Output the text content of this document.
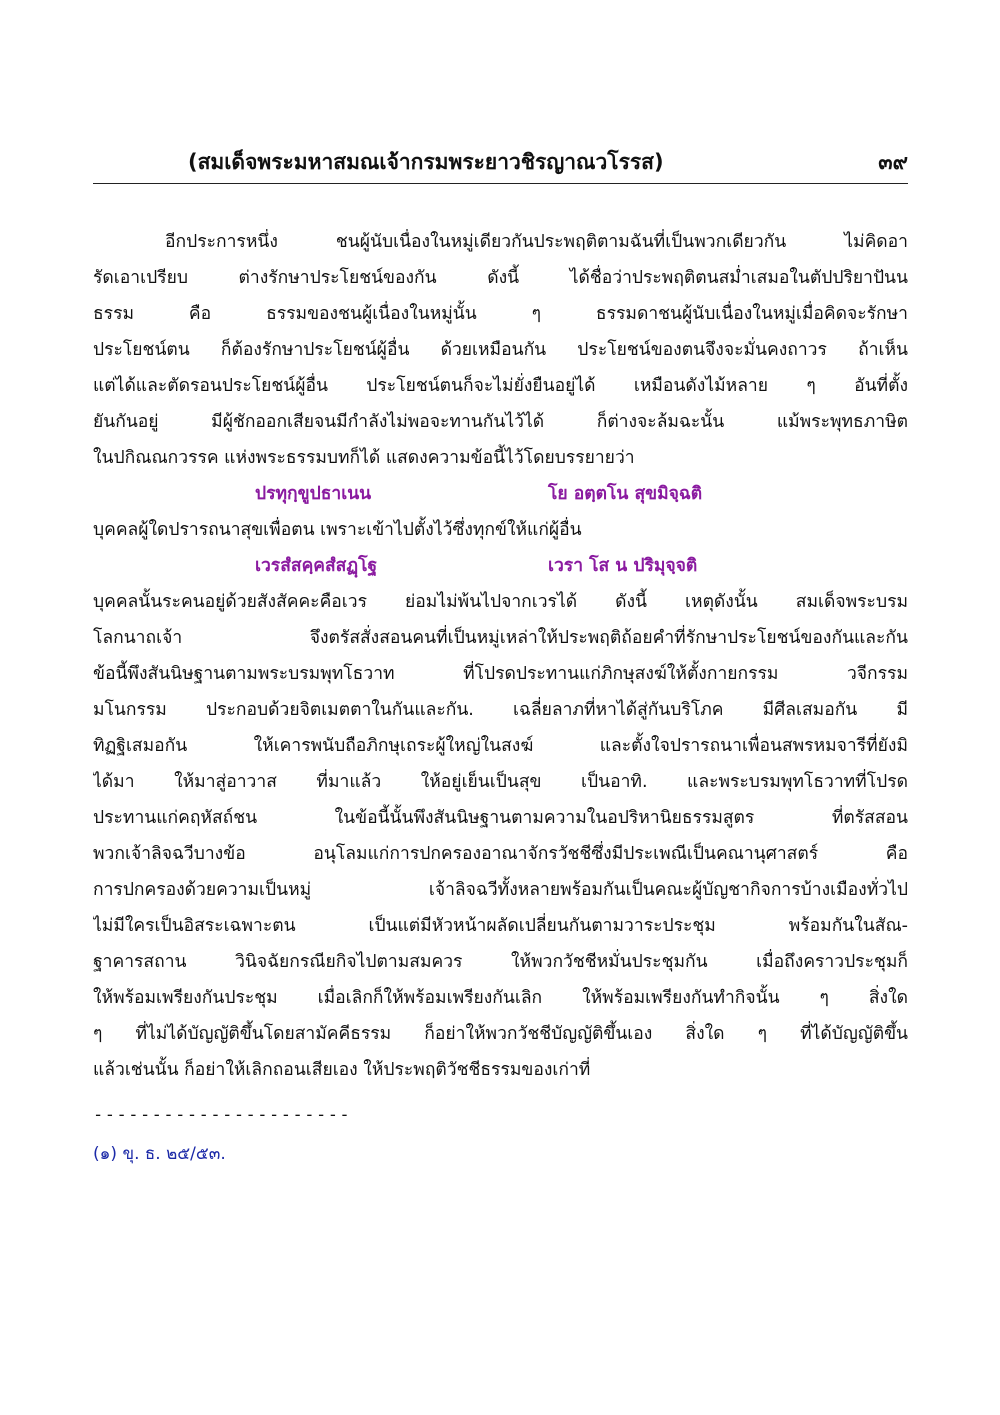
(สมเด็จพระมหาสมณเจ้ากรมพระยาวชิรญาณวโรรส)	๓๙
อีกประการหนึ่ง ชนผู้นับเนื่องในหมู่เดียวกันประพฤติตามฉันที่เป็นพวกเดียวกัน ไม่คิดอา
รัดเอาเปรียบ ต่างรักษาประโยชน์ของกัน ดังนี้ ได้ชื่อว่าประพฤติตนสม่ำเสมอในตัปปริยาปันน
ธรรม คือ ธรรมของชนผู้เนื่องในหมู่นั้น ๆ ธรรมดาชนผู้นับเนื่องในหมู่เมื่อคิดจะรักษา
ประโยชน์ตน ก็ต้องรักษาประโยชน์ผู้อื่น ด้วยเหมือนกัน ประโยชน์ของตนจึงจะมั่นคงถาวร ถ้าเห็น
แต่ได้และตัดรอนประโยชน์ผู้อื่น ประโยชน์ตนก็จะไม่ยั่งยืนอยู่ได้ เหมือนดังไม้หลาย ๆ อันที่ตั้ง
ยันกันอยู่ มีผู้ชักออกเสียจนมีกำลังไม่พอจะทานกันไว้ได้ ก็ต่างจะล้มฉะนั้น แม้พระพุทธภาษิต
ในปกิณณกวรรค แห่งพระธรรมบทก็ได้ แสดงความข้อนี้ไว้โดยบรรยายว่า
ปรทุกฺขูปธาเนน	โย อตฺตโน สุขมิจฺฉติ
บุคคลผู้ใดปรารถนาสุขเพื่อตน เพราะเข้าไปตั้งไว้ซึ่งทุกข์ให้แก่ผู้อื่น
เวรสํสคฺคสํสฏฺโฐ	เวรา โส น ปริมุจฺจติ
บุคคลนั้นระคนอยู่ด้วยสังสัคคะคือเวร ย่อมไม่พ้นไปจากเวรได้ ดังนี้ เหตุดังนั้น สมเด็จพระบรม
โลกนาถเจ้า จึงตรัสสั่งสอนคนที่เป็นหมู่เหล่าให้ประพฤติถ้อยคำที่รักษาประโยชน์ของกันและกัน
ข้อนี้พึงสันนิษฐานตามพระบรมพุทโธวาท ที่โปรดประทานแก่ภิกษุสงฆ์ให้ตั้งกายกรรม วจีกรรม
มโนกรรม ประกอบด้วยจิตเมตตาในกันและกัน. เฉลี่ยลาภที่หาได้สู่กันบริโภค มีศีลเสมอกัน มี
ทิฏฐิเสมอกัน ให้เคารพนับถือภิกษุเถระผู้ใหญ่ในสงฆ์ และตั้งใจปรารถนาเพื่อนสพรหมจารีที่ยังมิ
ได้มา ให้มาสู่อาวาส ที่มาแล้ว ให้อยู่เย็นเป็นสุข เป็นอาทิ. และพระบรมพุทโธวาทที่โปรด
ประทานแก่คฤหัสถ์ชน ในข้อนี้นั้นพึงสันนิษฐานตามความในอปริหานิยธรรมสูตร ที่ตรัสสอน
พวกเจ้าลิจฉวีบางข้อ อนุโลมแก่การปกครองอาณาจักรวัชชีซึ่งมีประเพณีเป็นคณานุศาสตร์ คือ
การปกครองด้วยความเป็นหมู่ เจ้าลิจฉวีทั้งหลายพร้อมกันเป็นคณะผู้บัญชากิจการบ้างเมืองทั่วไป
ไม่มีใครเป็นอิสระเฉพาะตน เป็นแต่มีหัวหน้าผลัดเปลี่ยนกันตามวาระประชุม พร้อมกันในสัณ-
ฐาคารสถาน วินิจฉัยกรณียกิจไปตามสมควร ให้พวกวัชชีหมั่นประชุมกัน เมื่อถึงคราวประชุมก็
ให้พร้อมเพรียงกันประชุม เมื่อเลิกก็ให้พร้อมเพรียงกันเลิก ให้พร้อมเพรียงกันทำกิจนั้น ๆ สิ่งใด
ๆ ที่ไม่ได้บัญญัติขึ้นโดยสามัคคีธรรม ก็อย่าให้พวกวัชชีบัญญัติขึ้นเอง สิ่งใด ๆ ที่ได้บัญญัติขึ้น
แล้วเช่นนั้น ก็อย่าให้เลิกถอนเสียเอง ให้ประพฤติวัชชีธรรมของเก่าที่
----------------------
(๑) ขุ. ธ. ๒๕/๕๓.
